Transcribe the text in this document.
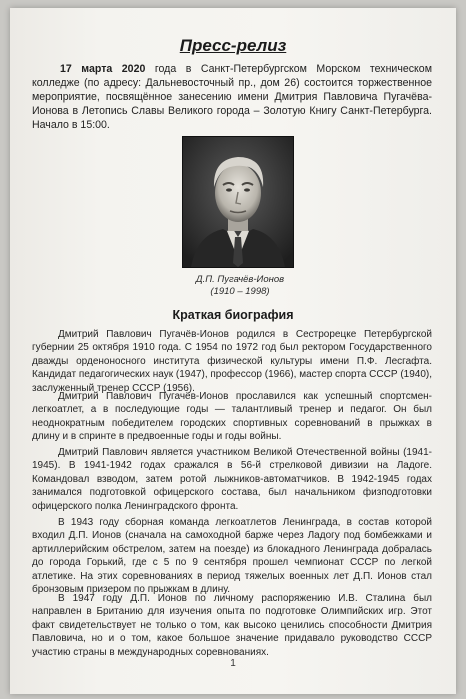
Пресс-релиз
17 марта 2020 года в Санкт-Петербургском Морском техническом колледже (по адресу: Дальневосточный пр., дом 26) состоится торжественное мероприятие, посвящённое занесению имени Дмитрия Павловича Пугачёва-Ионова в Летопись Славы Великого города – Золотую Книгу Санкт-Петербурга. Начало в 15:00.
Д.П. Пугачёв-Ионов
(1910 – 1998)
Краткая биография
Дмитрий Павлович Пугачёв-Ионов родился в Сестрорецке Петербургской губернии 25 октября 1910 года. С 1954 по 1972 год был ректором Государственного дважды орденоносного института физической культуры имени П.Ф. Лесгафта. Кандидат педагогических наук (1947), профессор (1966), мастер спорта СССР (1940), заслуженный тренер СССР (1956).
Дмитрий Павлович Пугачёв-Ионов прославился как успешный спортсмен-легкоатлет, а в последующие годы — талантливый тренер и педагог. Он был неоднократным победителем городских спортивных соревнований в прыжках в длину и в спринте в предвоенные годы и годы войны.
Дмитрий Павлович является участником Великой Отечественной войны (1941-1945). В 1941-1942 годах сражался в 56-й стрелковой дивизии на Ладоге. Командовал взводом, затем ротой лыжников-автоматчиков. В 1942-1945 годах занимался подготовкой офицерского состава, был начальником физподготовки офицерского полка Ленинградского фронта.
В 1943 году сборная команда легкоатлетов Ленинграда, в состав которой входил Д.П. Ионов (сначала на самоходной барже через Ладогу под бомбежками и артиллерийским обстрелом, затем на поезде) из блокадного Ленинграда добралась до города Горький, где с 5 по 9 сентября прошел чемпионат СССР по легкой атлетике. На этих соревнованиях в период тяжелых военных лет Д.П. Ионов стал бронзовым призером по прыжкам в длину.
В 1947 году Д.П. Ионов по личному распоряжению И.В. Сталина был направлен в Британию для изучения опыта по подготовке Олимпийских игр. Этот факт свидетельствует не только о том, как высоко ценились способности Дмитрия Павловича, но и о том, какое большое значение придавало руководство СССР участию страны в международных соревнованиях.
1
